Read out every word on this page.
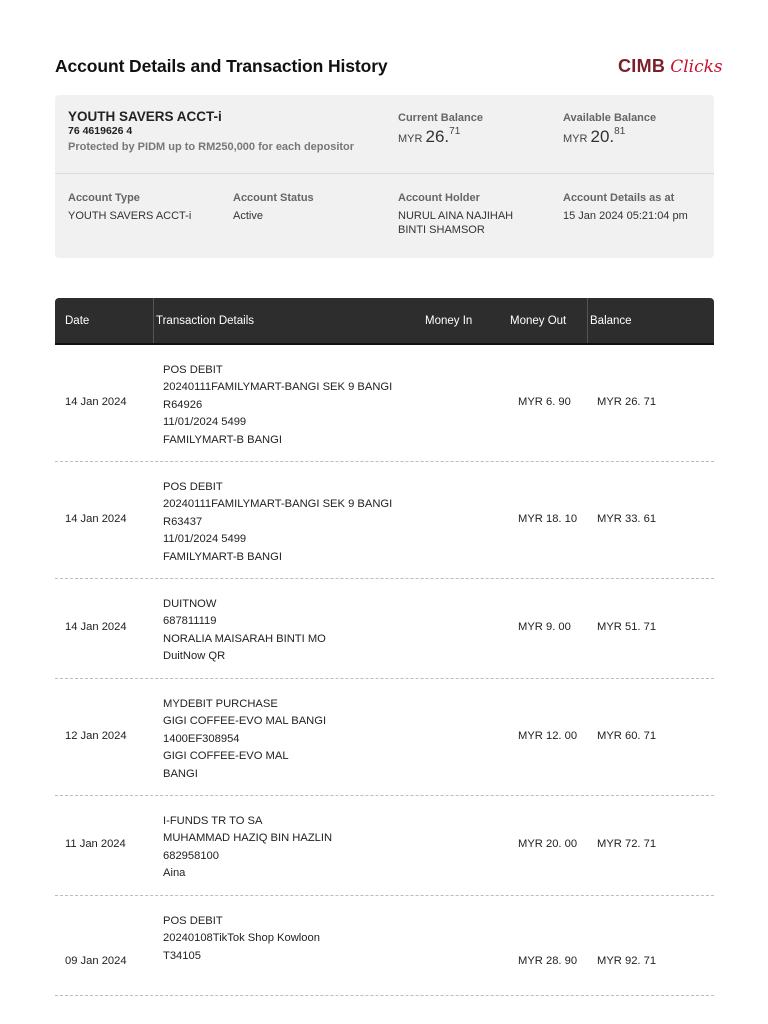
Account Details and Transaction History	CIMB Clicks
YOUTH SAVERS ACCT-i
76 4619626 4
Protected by PIDM up to RM250,000 for each depositor
Current Balance
MYR 26.71
Available Balance
MYR 20.81
Account Type
YOUTH SAVERS ACCT-i
Account Status
Active
Account Holder
NURUL AINA NAJIHAH BINTI SHAMSOR
Account Details as at
15 Jan 2024 05:21:04 pm
Date	Transaction Details	Money In	Money Out Balance
14 Jan 2024
POS DEBIT
20240111FAMILYMART-BANGI SEK 9 BANGI
R64926
11/01/2024 5499
FAMILYMART-B BANGI
MYR 6. 90 MYR 26. 71
14 Jan 2024
POS DEBIT
20240111FAMILYMART-BANGI SEK 9 BANGI
R63437
11/01/2024 5499
FAMILYMART-B BANGI
MYR 18. 10 MYR 33. 61
14 Jan 2024
DUITNOW
687811119
NORALIA MAISARAH BINTI MO
DuitNow QR
MYR 9. 00 MYR 51. 71
12 Jan 2024
MYDEBIT PURCHASE
GIGI COFFEE-EVO MAL BANGI
1400EF308954
GIGI COFFEE-EVO MAL
BANGI
MYR 12. 00 MYR 60. 71
11 Jan 2024
I-FUNDS TR TO SA
MUHAMMAD HAZIQ BIN HAZLIN
682958100
Aina
MYR 20. 00 MYR 72. 71
09 Jan 2024
POS DEBIT
20240108TikTok Shop Kowloon
T34105	MYR 28. 90 MYR 92. 71
